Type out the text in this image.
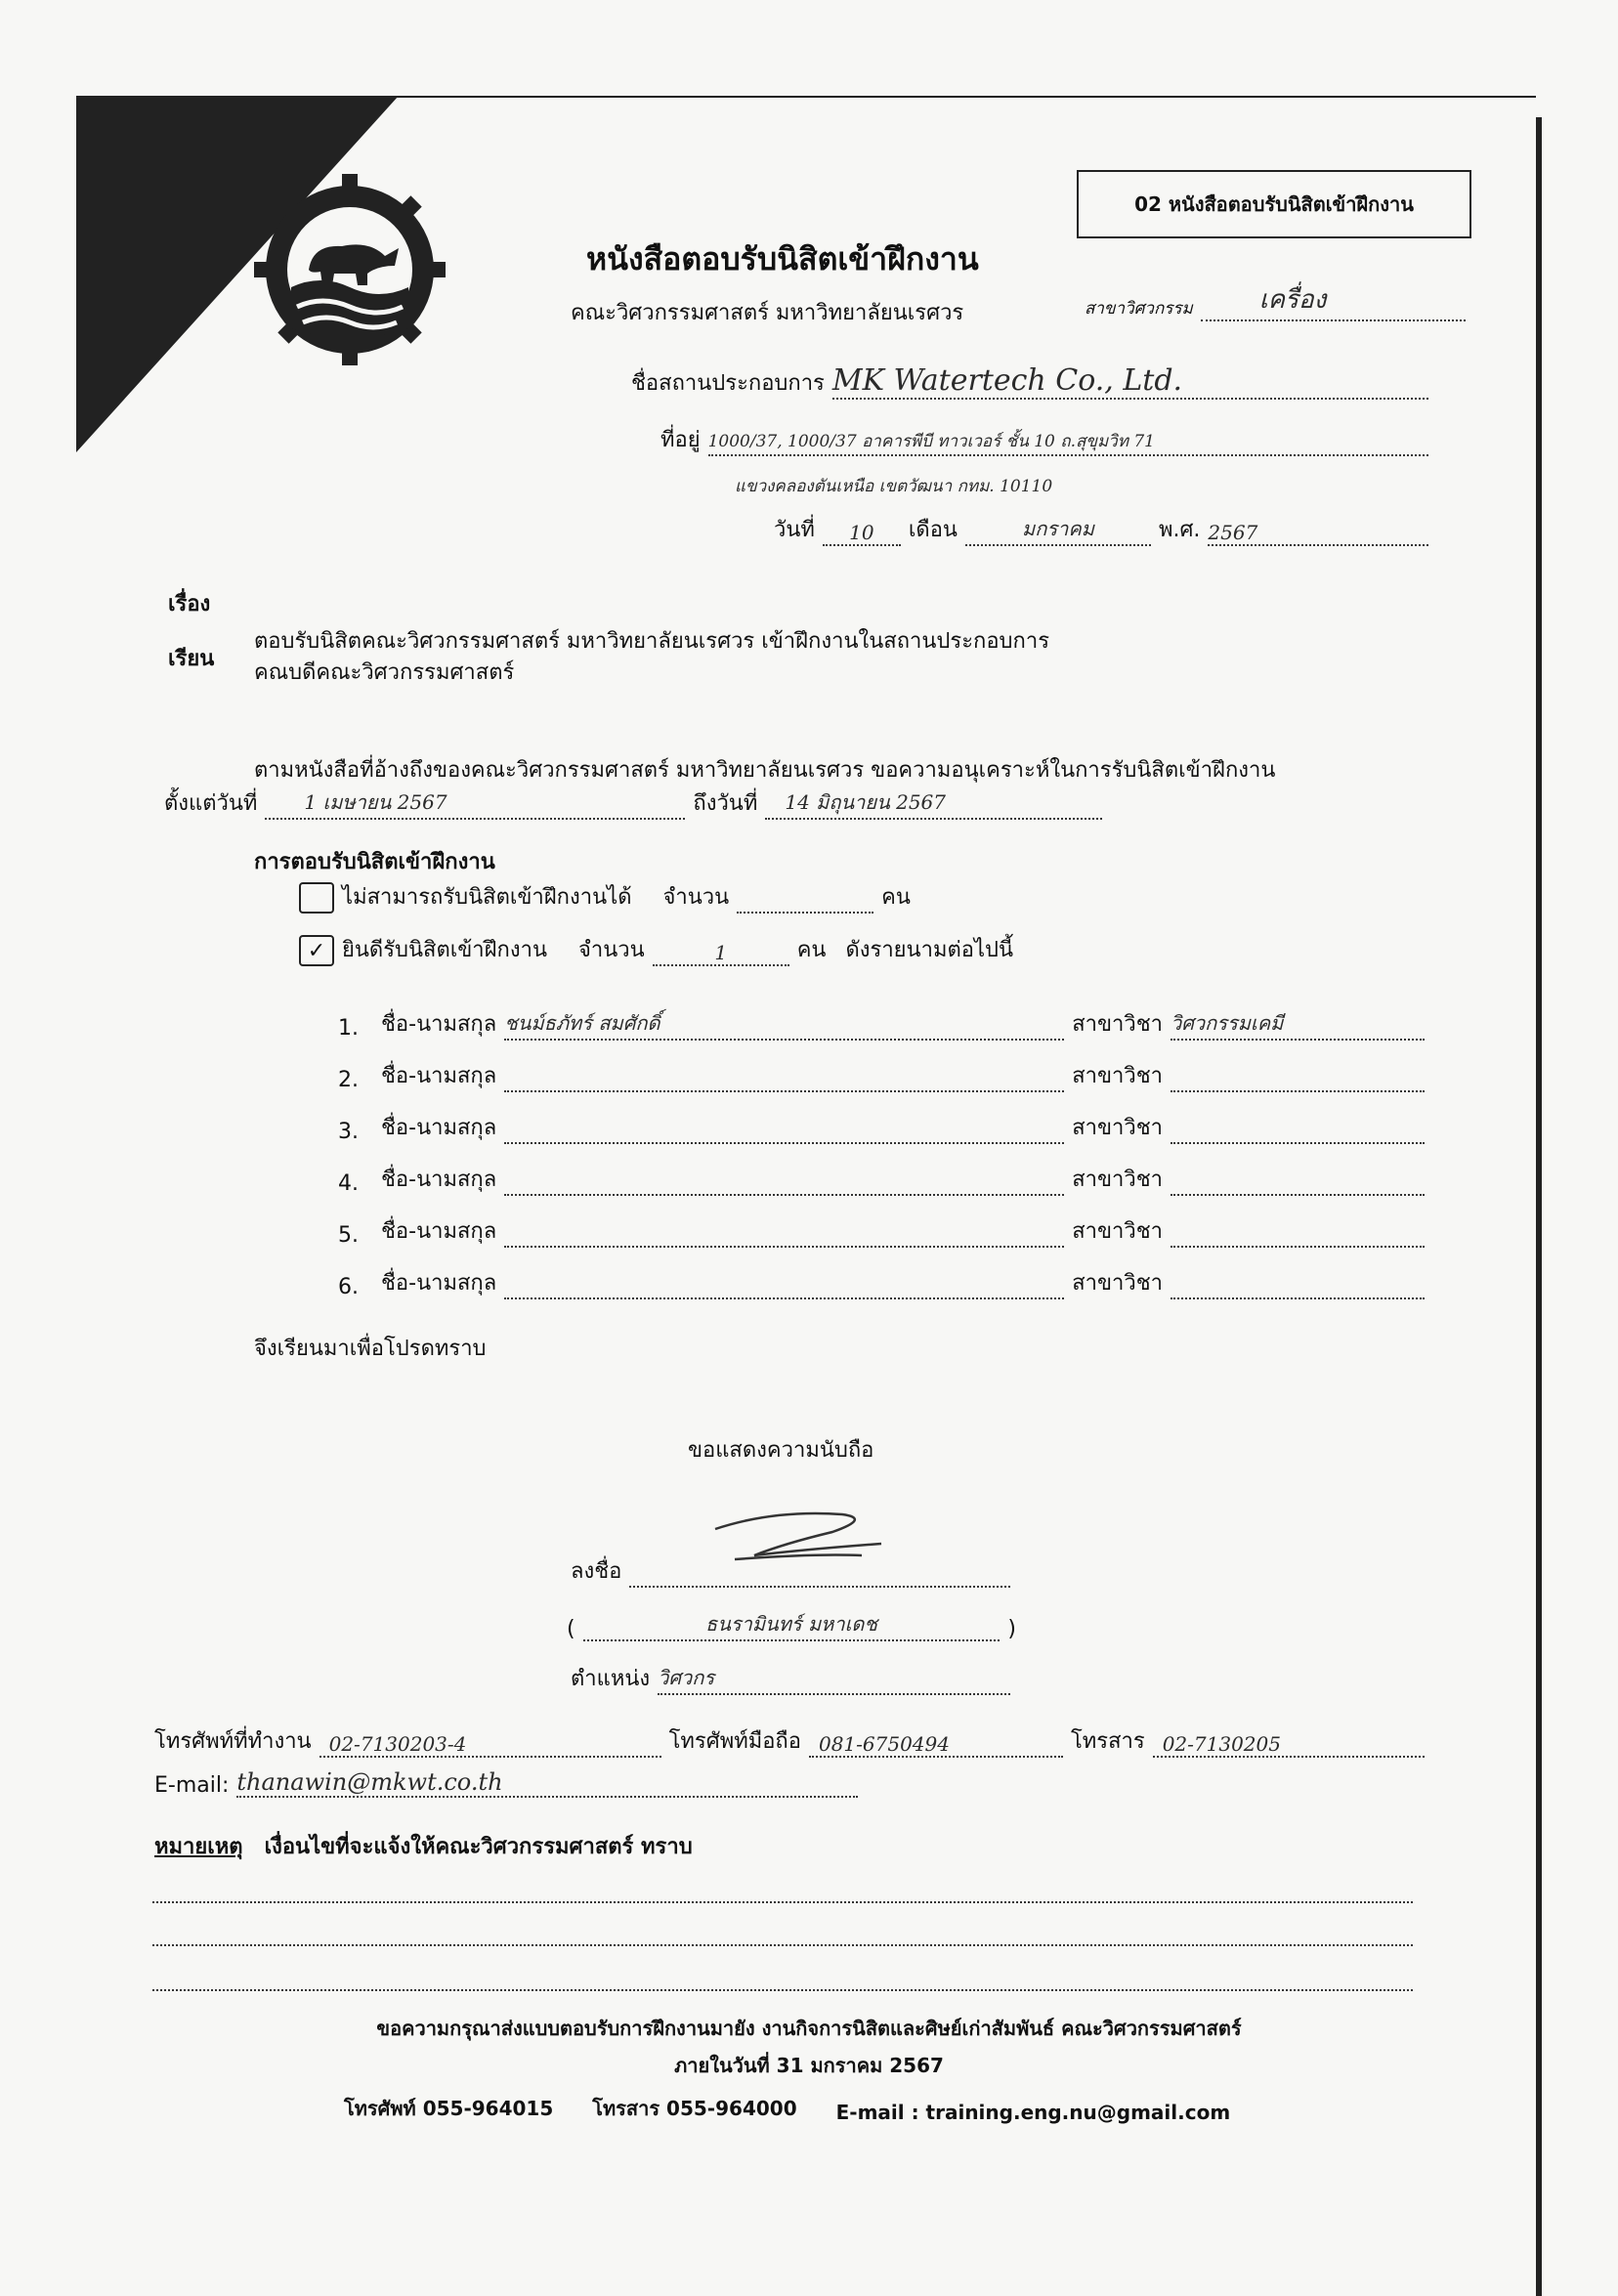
02 หนังสือตอบรับนิสิตเข้าฝึกงาน
หนังสือตอบรับนิสิตเข้าฝึกงาน
คณะวิศวกรรมศาสตร์ มหาวิทยาลัยนเรศวร	สาขาวิศวกรรม	เครื่อง
ชื่อสถานประกอบการ MK Watertech Co., Ltd.
ที่อยู่ 1000/37, 1000/37 อาคารพีบี ทาวเวอร์ ชั้น 10 ถ.สุขุมวิท 71
แขวงคลองตันเหนือ เขตวัฒนา กทม. 10110
วันที่	10	เดือน	มกราคม	พ.ศ. 2567
เรื่อง
ตอบรับนิสิตคณะวิศวกรรมศาสตร์ มหาวิทยาลัยนเรศวร เข้าฝึกงานในสถานประกอบการ
เรียน
คณบดีคณะวิศวกรรมศาสตร์
ตามหนังสือที่อ้างถึงของคณะวิศวกรรมศาสตร์ มหาวิทยาลัยนเรศวร ขอความอนุเคราะห์ในการรับนิสิตเข้าฝึกงาน
ตั้งแต่วันที่	1 เมษายน 2567	ถึงวันที่	14 มิถุนายน 2567
การตอบรับนิสิตเข้าฝึกงาน
ไม่สามารถรับนิสิตเข้าฝึกงานได้ จำนวน	คน
✓ ยินดีรับนิสิตเข้าฝึกงาน จำนวน	1	คน ดังรายนามต่อไปนี้
1.	ชื่อ-นามสกุล ชนม์ธภัทร์ สมศักดิ์	สาขาวิชา วิศวกรรมเคมี
2.	ชื่อ-นามสกุล	สาขาวิชา
3.	ชื่อ-นามสกุล	สาขาวิชา
4.	ชื่อ-นามสกุล	สาขาวิชา
5.	ชื่อ-นามสกุล	สาขาวิชา
6.	ชื่อ-นามสกุล	สาขาวิชา
จึงเรียนมาเพื่อโปรดทราบ
ขอแสดงความนับถือ
ลงชื่อ
(	ธนรามินทร์ มหาเดช	)
ตำแหน่ง วิศวกร
โทรศัพท์ที่ทำงาน 02-7130203-4	โทรศัพท์มือถือ 081-6750494	โทรสาร 02-7130205
E-mail: thanawin@mkwt.co.th
หมายเหตุ เงื่อนไขที่จะแจ้งให้คณะวิศวกรรมศาสตร์ ทราบ
ขอความกรุณาส่งแบบตอบรับการฝึกงานมายัง งานกิจการนิสิตและศิษย์เก่าสัมพันธ์ คณะวิศวกรรมศาสตร์
ภายในวันที่ 31 มกราคม 2567
โทรศัพท์ 055-964015 โทรสาร 055-964000 E-mail : training.eng.nu@gmail.com
